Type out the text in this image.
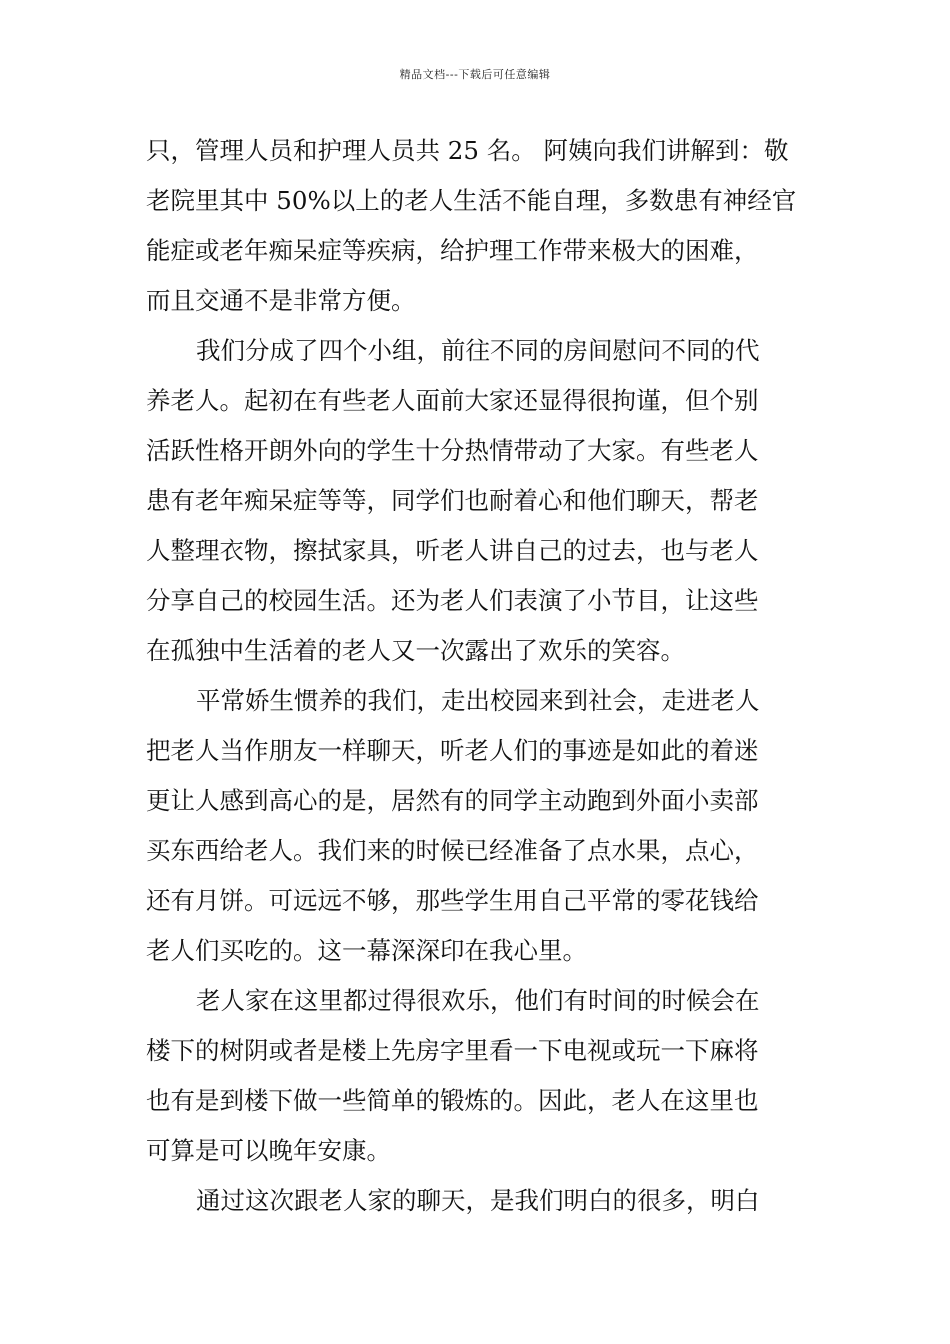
精品文档---下载后可任意编辑
只，管理人员和护理人员共 25 名。 阿姨向我们讲解到：敬
老院里其中 50%以上的老人生活不能自理，多数患有神经官
能症或老年痴呆症等疾病，给护理工作带来极大的困难，
而且交通不是非常方便。
我们分成了四个小组，前往不同的房间慰问不同的代
养老人。起初在有些老人面前大家还显得很拘谨，但个别
活跃性格开朗外向的学生十分热情带动了大家。有些老人
患有老年痴呆症等等，同学们也耐着心和他们聊天，帮老
人整理衣物，擦拭家具，听老人讲自己的过去，也与老人
分享自己的校园生活。还为老人们表演了小节目，让这些
在孤独中生活着的老人又一次露出了欢乐的笑容。
平常娇生惯养的我们，走出校园来到社会，走进老人
把老人当作朋友一样聊天，听老人们的事迹是如此的着迷
更让人感到高心的是，居然有的同学主动跑到外面小卖部
买东西给老人。我们来的时候已经准备了点水果，点心，
还有月饼。可远远不够，那些学生用自己平常的零花钱给
老人们买吃的。这一幕深深印在我心里。
老人家在这里都过得很欢乐，他们有时间的时候会在
楼下的树阴或者是楼上先房字里看一下电视或玩一下麻将
也有是到楼下做一些简单的锻炼的。因此，老人在这里也
可算是可以晚年安康。
通过这次跟老人家的聊天，是我们明白的很多，明白
